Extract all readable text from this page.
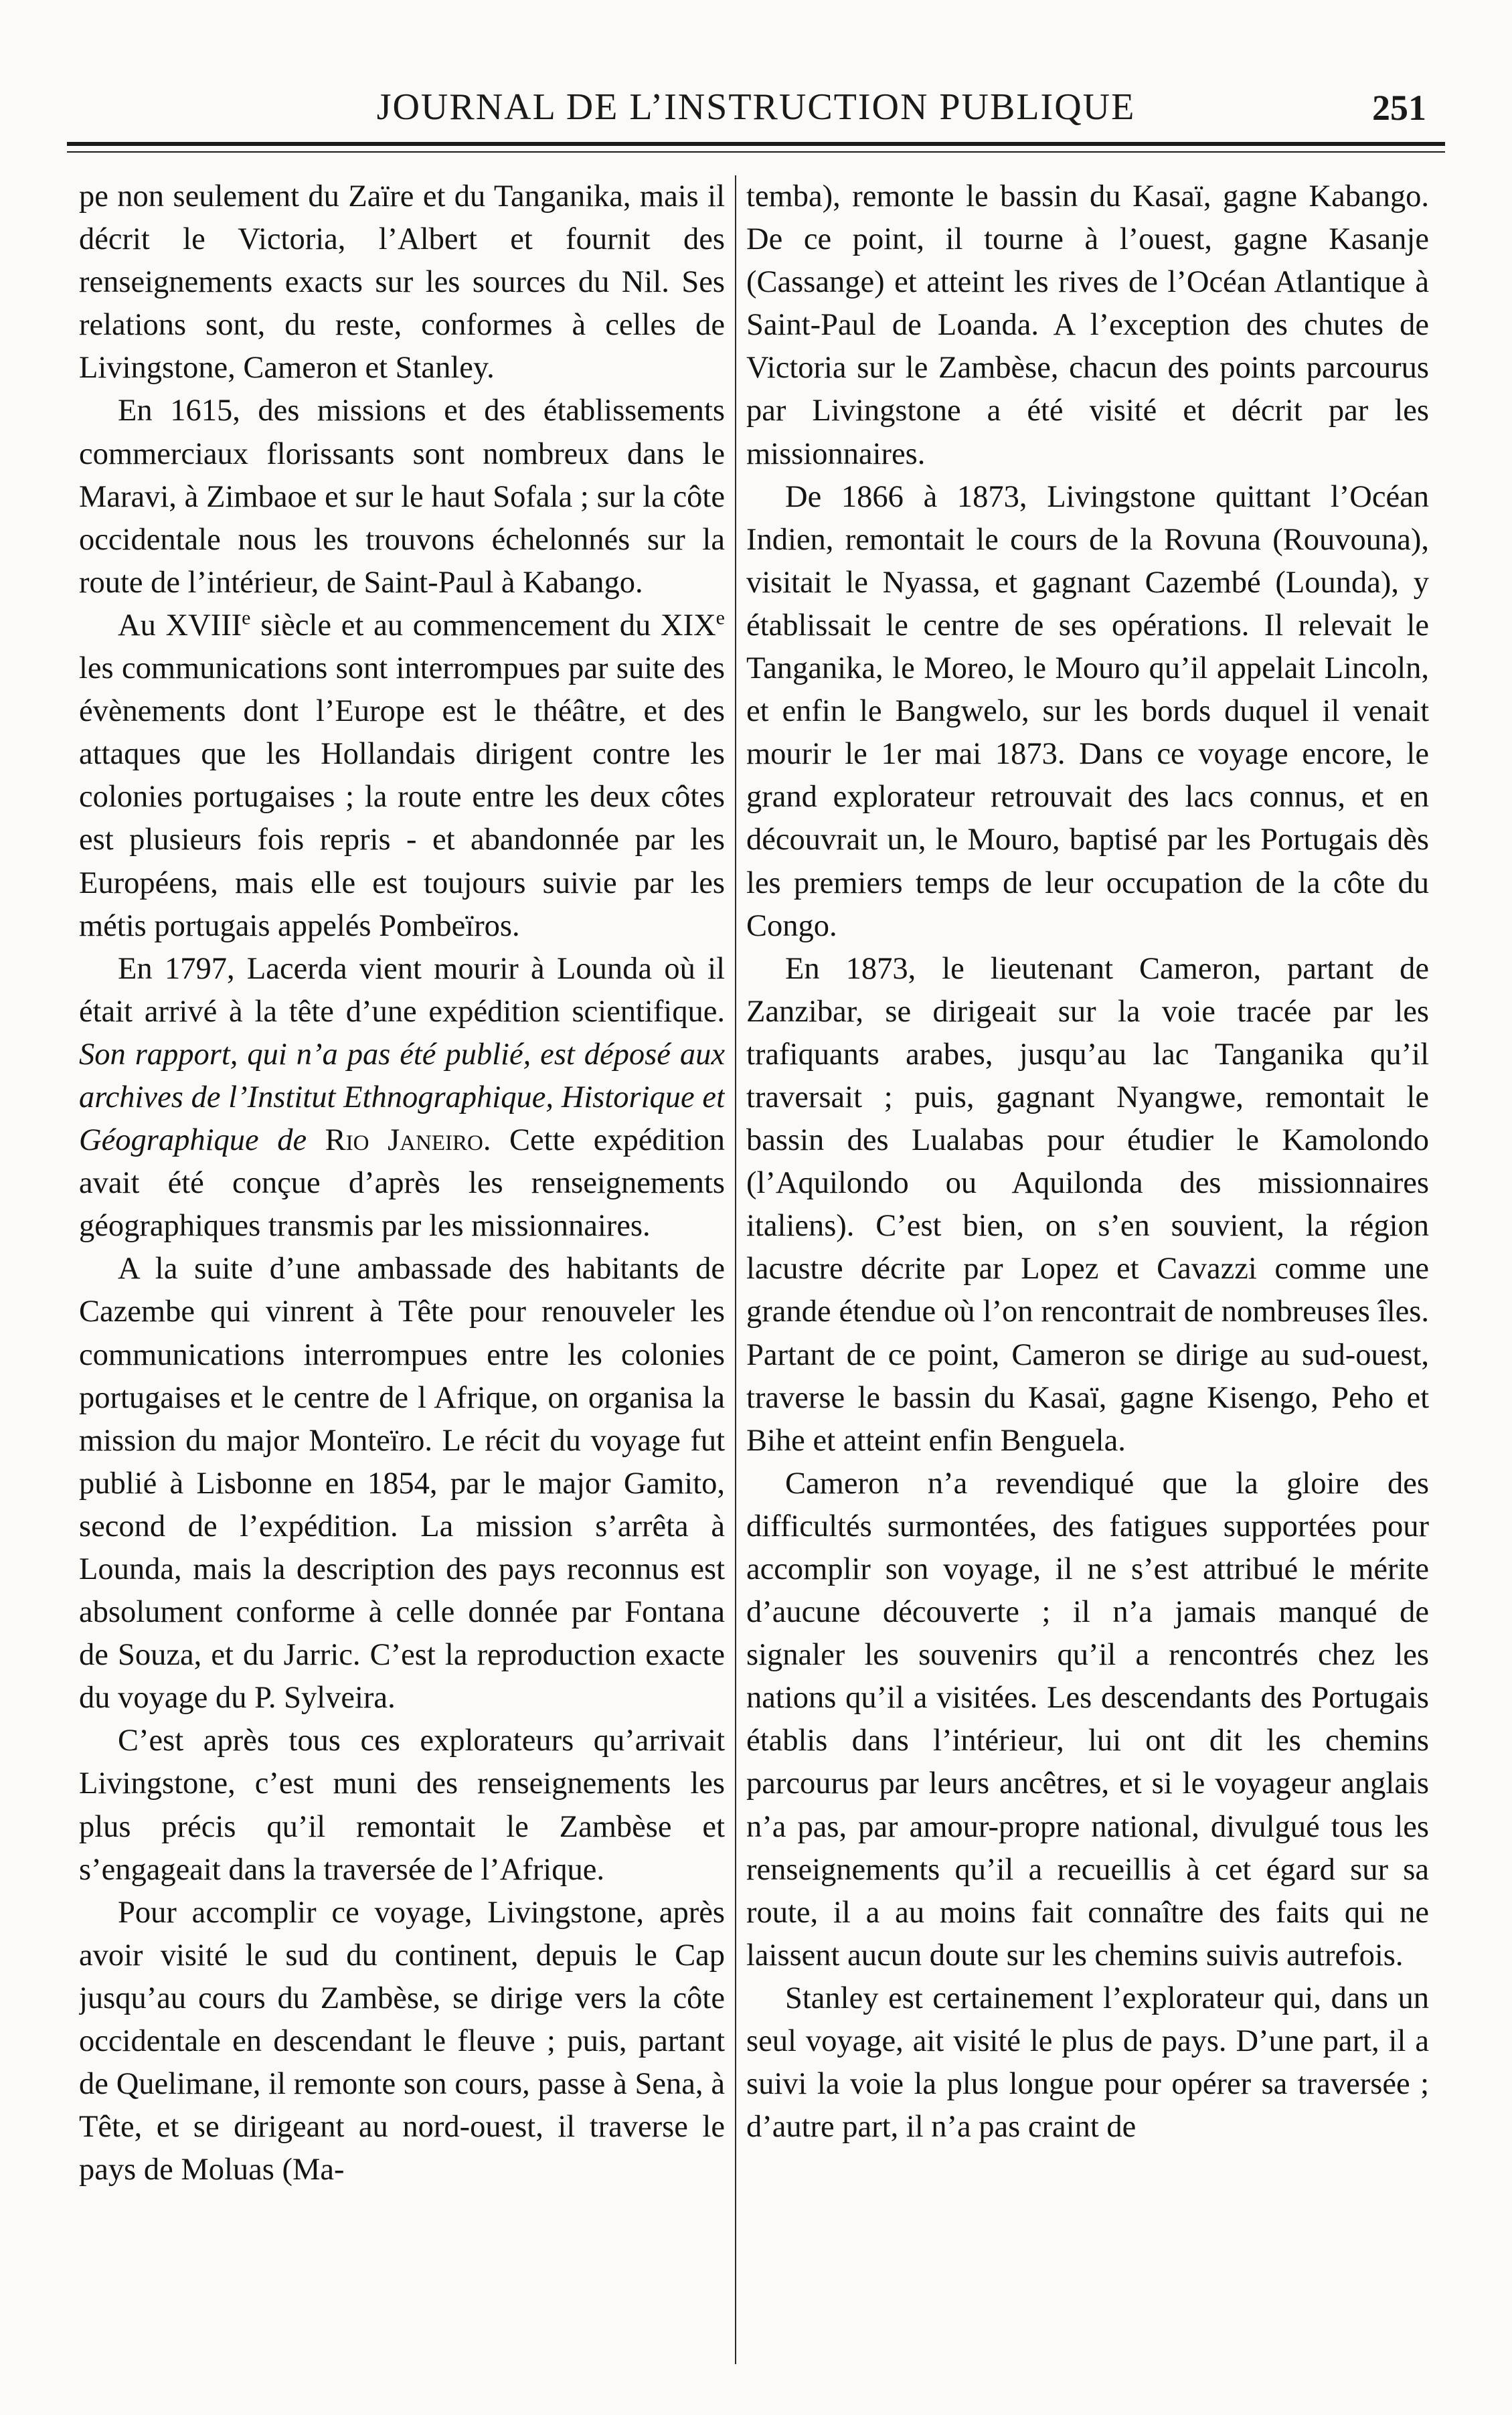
JOURNAL DE L’INSTRUCTION PUBLIQUE	251

pe non seulement du Zaïre et du Tanganika, mais il décrit le Victoria, l’Albert et fournit des renseignements exacts sur les sources du Nil. Ses relations sont, du reste, conformes à celles de Livingstone, Cameron et Stanley.

En 1615, des missions et des établissements commerciaux florissants sont nombreux dans le Maravi, à Zimbaoe et sur le haut Sofala ; sur la côte occidentale nous les trouvons échelonnés sur la route de l’intérieur, de Saint-Paul à Kabango.

Au XVIIIe siècle et au commencement du XIXe les communications sont interrompues par suite des évènements dont l’Europe est le théâtre, et des attaques que les Hollandais dirigent contre les colonies portugaises ; la route entre les deux côtes est plusieurs fois repris - et abandonnée par les Européens, mais elle est toujours suivie par les métis portugais appelés Pombeïros.

En 1797, Lacerda vient mourir à Lounda où il était arrivé à la tête d’une expédition scientifique. Son rapport, qui n’a pas été publié, est déposé aux archives de l’Institut Ethnographique, Historique et Géographique de Rio Janeiro. Cette expédition avait été conçue d’après les renseignements géographiques transmis par les missionnaires.

A la suite d’une ambassade des habitants de Cazembe qui vinrent à Tête pour renouveler les communications interrompues entre les colonies portugaises et le centre de l Afrique, on organisa la mission du major Monteïro. Le récit du voyage fut publié à Lisbonne en 1854, par le major Gamito, second de l’expédition. La mission s’arrêta à Lounda, mais la description des pays reconnus est absolument conforme à celle donnée par Fontana de Souza, et du Jarric. C’est la reproduction exacte du voyage du P. Sylveira.

C’est après tous ces explorateurs qu’arrivait Livingstone, c’est muni des renseignements les plus précis qu’il remontait le Zambèse et s’engageait dans la traversée de l’Afrique.

Pour accomplir ce voyage, Livingstone, après avoir visité le sud du continent, depuis le Cap jusqu’au cours du Zambèse, se dirige vers la côte occidentale en descendant le fleuve ; puis, partant de Quelimane, il remonte son cours, passe à Sena, à Tête, et se dirigeant au nord-ouest, il traverse le pays de Moluas (Ma-

temba), remonte le bassin du Kasaï, gagne Kabango. De ce point, il tourne à l’ouest, gagne Kasanje (Cassange) et atteint les rives de l’Océan Atlantique à Saint-Paul de Loanda. A l’exception des chutes de Victoria sur le Zambèse, chacun des points parcourus par Livingstone a été visité et décrit par les missionnaires.

De 1866 à 1873, Livingstone quittant l’Océan Indien, remontait le cours de la Rovuna (Rouvouna), visitait le Nyassa, et gagnant Cazembé (Lounda), y établissait le centre de ses opérations. Il relevait le Tanganika, le Moreo, le Mouro qu’il appelait Lincoln, et enfin le Bangwelo, sur les bords duquel il venait mourir le 1er mai 1873. Dans ce voyage encore, le grand explorateur retrouvait des lacs connus, et en découvrait un, le Mouro, baptisé par les Portugais dès les premiers temps de leur occupation de la côte du Congo.

En 1873, le lieutenant Cameron, partant de Zanzibar, se dirigeait sur la voie tracée par les trafiquants arabes, jusqu’au lac Tanganika qu’il traversait ; puis, gagnant Nyangwe, remontait le bassin des Lualabas pour étudier le Kamolondo (l’Aquilondo ou Aquilonda des missionnaires italiens). C’est bien, on s’en souvient, la région lacustre décrite par Lopez et Cavazzi comme une grande étendue où l’on rencontrait de nombreuses îles. Partant de ce point, Cameron se dirige au sud-ouest, traverse le bassin du Kasaï, gagne Kisengo, Peho et Bihe et atteint enfin Benguela.

Cameron n’a revendiqué que la gloire des difficultés surmontées, des fatigues supportées pour accomplir son voyage, il ne s’est attribué le mérite d’aucune découverte ; il n’a jamais manqué de signaler les souvenirs qu’il a rencontrés chez les nations qu’il a visitées. Les descendants des Portugais établis dans l’intérieur, lui ont dit les chemins parcourus par leurs ancêtres, et si le voyageur anglais n’a pas, par amour-propre national, divulgué tous les renseignements qu’il a recueillis à cet égard sur sa route, il a au moins fait connaître des faits qui ne laissent aucun doute sur les chemins suivis autrefois.

Stanley est certainement l’explorateur qui, dans un seul voyage, ait visité le plus de pays. D’une part, il a suivi la voie la plus longue pour opérer sa traversée ; d’autre part, il n’a pas craint de
